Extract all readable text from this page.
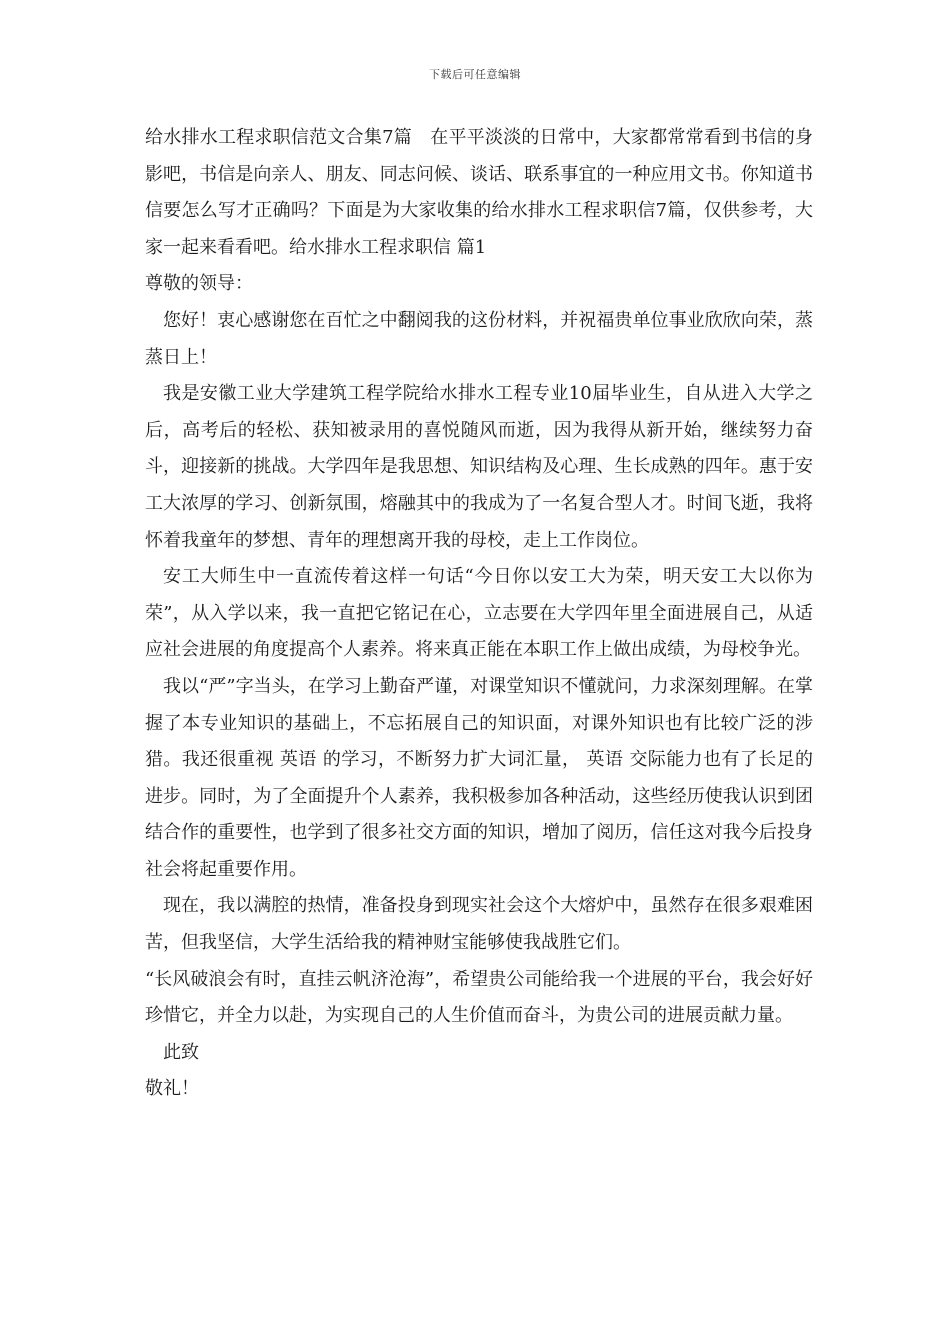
下载后可任意编辑

给水排水工程求职信范文合集7篇　在平平淡淡的日常中，大家都常常看到书信的身影吧，书信是向亲人、朋友、同志问候、谈话、联系事宜的一种应用文书。你知道书信要怎么写才正确吗？下面是为大家收集的给水排水工程求职信7篇，仅供参考，大家一起来看看吧。给水排水工程求职信 篇1

尊敬的领导：

您好！衷心感谢您在百忙之中翻阅我的这份材料，并祝福贵单位事业欣欣向荣，蒸蒸日上！

我是安徽工业大学建筑工程学院给水排水工程专业10届毕业生，自从进入大学之后，高考后的轻松、获知被录用的喜悦随风而逝，因为我得从新开始，继续努力奋斗，迎接新的挑战。大学四年是我思想、知识结构及心理、生长成熟的四年。惠于安工大浓厚的学习、创新氛围，熔融其中的我成为了一名复合型人才。时间飞逝，我将怀着我童年的梦想、青年的理想离开我的母校，走上工作岗位。

安工大师生中一直流传着这样一句话“今日你以安工大为荣，明天安工大以你为荣”，从入学以来，我一直把它铭记在心，立志要在大学四年里全面进展自己，从适应社会进展的角度提高个人素养。将来真正能在本职工作上做出成绩，为母校争光。

我以“严”字当头，在学习上勤奋严谨，对课堂知识不懂就问，力求深刻理解。在掌握了本专业知识的基础上，不忘拓展自己的知识面，对课外知识也有比较广泛的涉猎。我还很重视 英语 的学习，不断努力扩大词汇量， 英语 交际能力也有了长足的进步。同时，为了全面提升个人素养，我积极参加各种活动，这些经历使我认识到团结合作的重要性，也学到了很多社交方面的知识，增加了阅历，信任这对我今后投身社会将起重要作用。

现在，我以满腔的热情，准备投身到现实社会这个大熔炉中，虽然存在很多艰难困苦，但我坚信，大学生活给我的精神财宝能够使我战胜它们。

“长风破浪会有时，直挂云帆济沧海”，希望贵公司能给我一个进展的平台，我会好好珍惜它，并全力以赴，为实现自己的人生价值而奋斗，为贵公司的进展贡献力量。

此致

敬礼！
